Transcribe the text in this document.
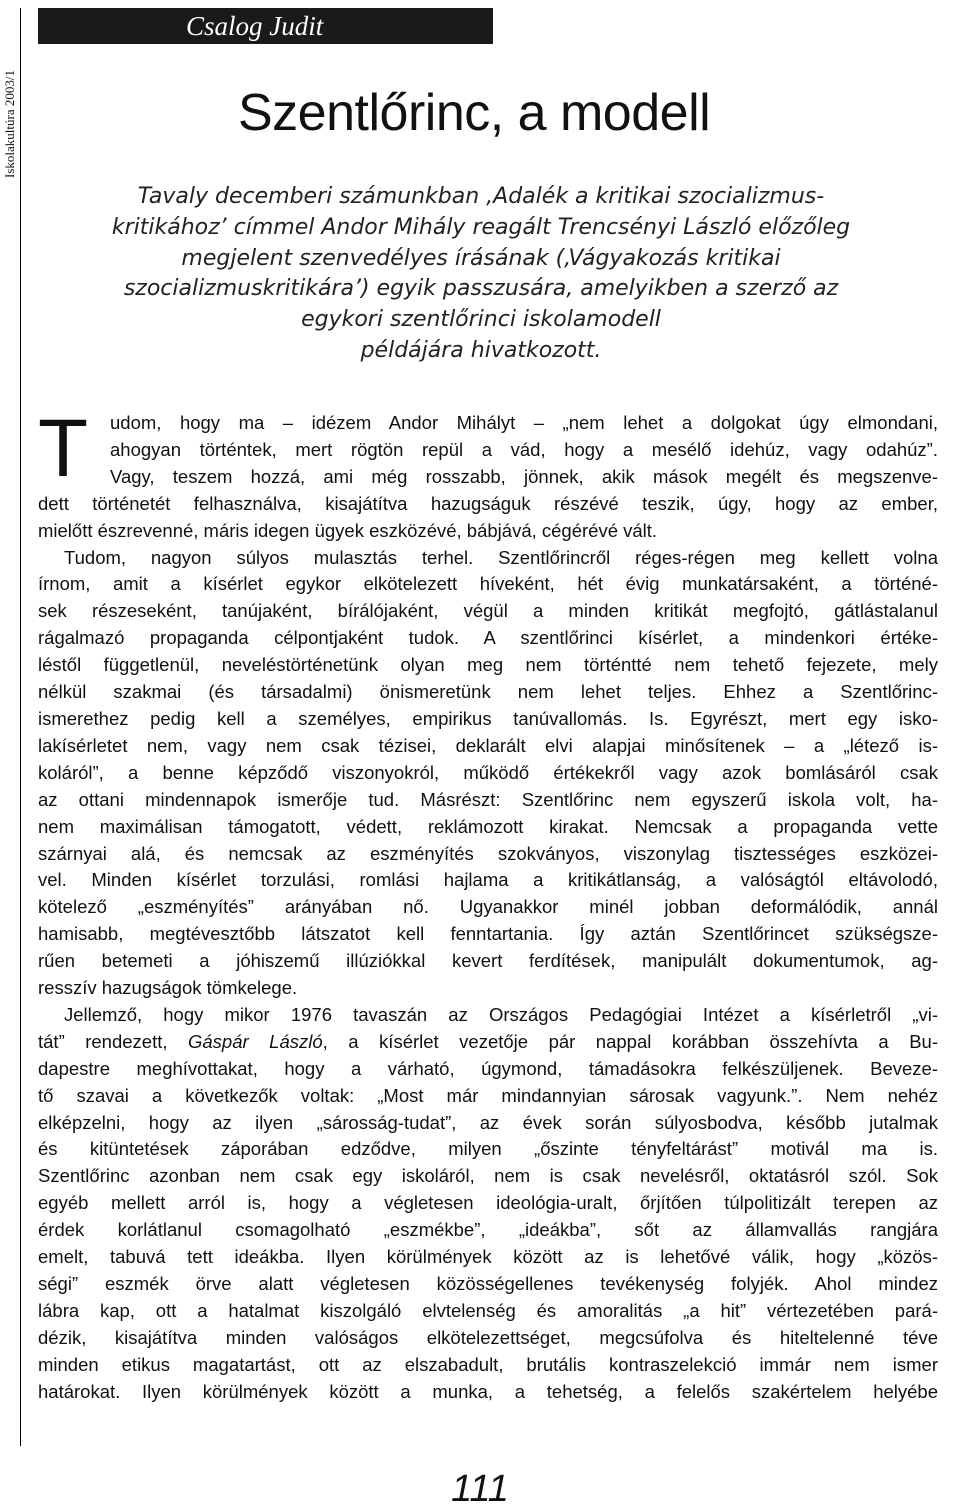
Iskolakultúra 2003/1
Csalog Judit
Szentlőrinc, a modell
Tavaly decemberi számunkban ‚Adalék a kritikai szocializmus-
kritikához’ címmel Andor Mihály reagált Trencsényi László előzőleg
megjelent szenvedélyes írásának (‚Vágyakozás kritikai
szocializmuskritikára’) egyik passzusára, amelyikben a szerző az
egykori szentlőrinci iskolamodell
példájára hivatkozott.
T	udom, hogy ma – idézem Andor Mihályt – „nem lehet a dolgokat úgy elmondani,
ahogyan történtek, mert rögtön repül a vád, hogy a mesélő idehúz, vagy odahúz”.
Vagy, teszem hozzá, ami még rosszabb, jönnek, akik mások megélt és megszenve-
dett történetét felhasználva, kisajátítva hazugságuk részévé teszik, úgy, hogy az ember,
mielőtt észrevenné, máris idegen ügyek eszközévé, bábjává, cégérévé vált.
Tudom, nagyon súlyos mulasztás terhel. Szentlőrincről réges-régen meg kellett volna
írnom, amit a kísérlet egykor elkötelezett híveként, hét évig munkatársaként, a történé-
sek részeseként, tanújaként, bírálójaként, végül a minden kritikát megfojtó, gátlástalanul
rágalmazó propaganda célpontjaként tudok. A szentlőrinci kísérlet, a mindenkori értéke-
léstől függetlenül, neveléstörténetünk olyan meg nem történtté nem tehető fejezete, mely
nélkül szakmai (és társadalmi) önismeretünk nem lehet teljes. Ehhez a Szentlőrinc-
ismerethez pedig kell a személyes, empirikus tanúvallomás. Is. Egyrészt, mert egy isko-
lakísérletet nem, vagy nem csak tézisei, deklarált elvi alapjai minősítenek – a „létező is-
koláról”, a benne képződő viszonyokról, működő értékekről vagy azok bomlásáról csak
az ottani mindennapok ismerője tud. Másrészt: Szentlőrinc nem egyszerű iskola volt, ha-
nem maximálisan támogatott, védett, reklámozott kirakat. Nemcsak a propaganda vette
szárnyai alá, és nemcsak az eszményítés szokványos, viszonylag tisztességes eszközei-
vel. Minden kísérlet torzulási, romlási hajlama a kritikátlanság, a valóságtól eltávolodó,
kötelező „eszményítés” arányában nő. Ugyanakkor minél jobban deformálódik, annál
hamisabb, megtévesztőbb látszatot kell fenntartania. Így aztán Szentlőrincet szükségsze-
rűen betemeti a jóhiszemű illúziókkal kevert ferdítések, manipulált dokumentumok, ag-
resszív hazugságok tömkelege.
Jellemző, hogy mikor 1976 tavaszán az Országos Pedagógiai Intézet a kísérletről „vi-
tát” rendezett, Gáspár László, a kísérlet vezetője pár nappal korábban összehívta a Bu-
dapestre meghívottakat, hogy a várható, úgymond, támadásokra felkészüljenek. Beveze-
tő szavai a következők voltak: „Most már mindannyian sárosak vagyunk.”. Nem nehéz
elképzelni, hogy az ilyen „sárosság-tudat”, az évek során súlyosbodva, később jutalmak
és kitüntetések záporában edződve, milyen „őszinte tényfeltárást” motivál ma is.
Szentlőrinc azonban nem csak egy iskoláról, nem is csak nevelésről, oktatásról szól. Sok
egyéb mellett arról is, hogy a végletesen ideológia-uralt, őrjítően túlpolitizált terepen az
érdek korlátlanul csomagolható „eszmékbe”, „ideákba”, sőt az államvallás rangjára
emelt, tabuvá tett ideákba. Ilyen körülmények között az is lehetővé válik, hogy „közös-
ségi” eszmék örve alatt végletesen közösségellenes tevékenység folyjék. Ahol mindez
lábra kap, ott a hatalmat kiszolgáló elvtelenség és amoralitás „a hit” vértezetében pará-
dézik, kisajátítva minden valóságos elkötelezettséget, megcsúfolva és hiteltelenné téve
minden etikus magatartást, ott az elszabadult, brutális kontraszelekció immár nem ismer
határokat. Ilyen körülmények között a munka, a tehetség, a felelős szakértelem helyébe
111
